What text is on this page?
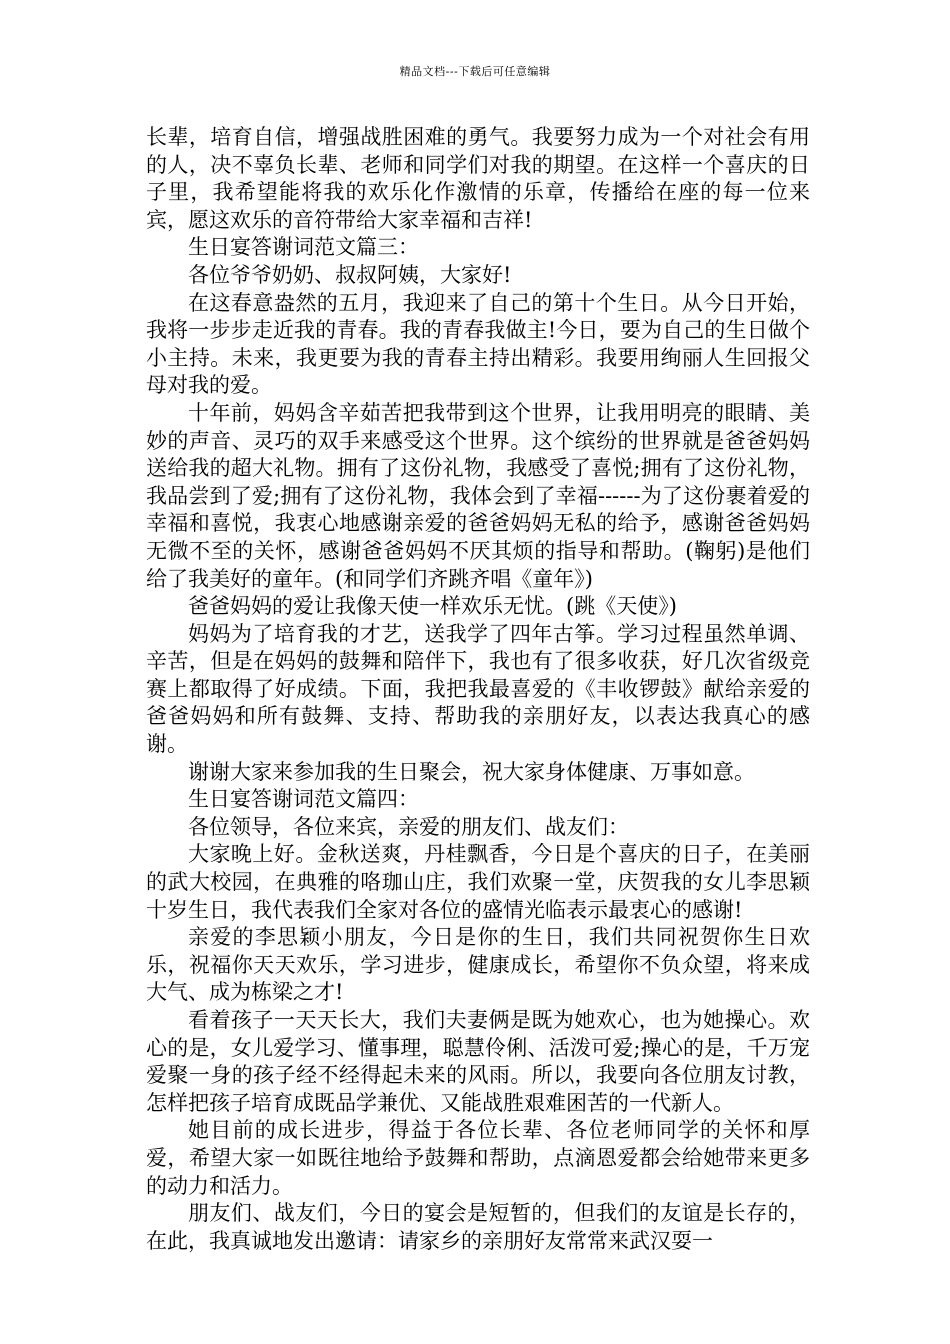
精品文档---下载后可任意编辑

长辈，培育自信，增强战胜困难的勇气。我要努力成为一个对社会有用的人，决不辜负长辈、老师和同学们对我的期望。在这样一个喜庆的日子里，我希望能将我的欢乐化作激情的乐章，传播给在座的每一位来宾，愿这欢乐的音符带给大家幸福和吉祥!

生日宴答谢词范文篇三：

各位爷爷奶奶、叔叔阿姨，大家好!

在这春意盎然的五月，我迎来了自己的第十个生日。从今日开始，我将一步步走近我的青春。我的青春我做主!今日，要为自己的生日做个小主持。未来，我更要为我的青春主持出精彩。我要用绚丽人生回报父母对我的爱。

十年前，妈妈含辛茹苦把我带到这个世界，让我用明亮的眼睛、美妙的声音、灵巧的双手来感受这个世界。这个缤纷的世界就是爸爸妈妈送给我的超大礼物。拥有了这份礼物，我感受了喜悦;拥有了这份礼物，我品尝到了爱;拥有了这份礼物，我体会到了幸福------为了这份裹着爱的幸福和喜悦，我衷心地感谢亲爱的爸爸妈妈无私的给予，感谢爸爸妈妈无微不至的关怀，感谢爸爸妈妈不厌其烦的指导和帮助。(鞠躬)是他们给了我美好的童年。(和同学们齐跳齐唱《童年》)

爸爸妈妈的爱让我像天使一样欢乐无忧。(跳《天使》)

妈妈为了培育我的才艺，送我学了四年古筝。学习过程虽然单调、辛苦，但是在妈妈的鼓舞和陪伴下，我也有了很多收获，好几次省级竞赛上都取得了好成绩。下面，我把我最喜爱的《丰收锣鼓》献给亲爱的爸爸妈妈和所有鼓舞、支持、帮助我的亲朋好友，以表达我真心的感谢。

谢谢大家来参加我的生日聚会，祝大家身体健康、万事如意。

生日宴答谢词范文篇四：

各位领导，各位来宾，亲爱的朋友们、战友们：

大家晚上好。金秋送爽，丹桂飘香，今日是个喜庆的日子，在美丽的武大校园，在典雅的咯珈山庄，我们欢聚一堂，庆贺我的女儿李思颖十岁生日，我代表我们全家对各位的盛情光临表示最衷心的感谢!

亲爱的李思颖小朋友，今日是你的生日，我们共同祝贺你生日欢乐，祝福你天天欢乐，学习进步，健康成长，希望你不负众望，将来成大气、成为栋梁之才!

看着孩子一天天长大，我们夫妻俩是既为她欢心，也为她操心。欢心的是，女儿爱学习、懂事理，聪慧伶俐、活泼可爱;操心的是，千万宠爱聚一身的孩子经不经得起未来的风雨。所以，我要向各位朋友讨教，怎样把孩子培育成既品学兼优、又能战胜艰难困苦的一代新人。

她目前的成长进步，得益于各位长辈、各位老师同学的关怀和厚爱，希望大家一如既往地给予鼓舞和帮助，点滴恩爱都会给她带来更多的动力和活力。

朋友们、战友们，今日的宴会是短暂的，但我们的友谊是长存的，在此，我真诚地发出邀请：请家乡的亲朋好友常常来武汉耍一
